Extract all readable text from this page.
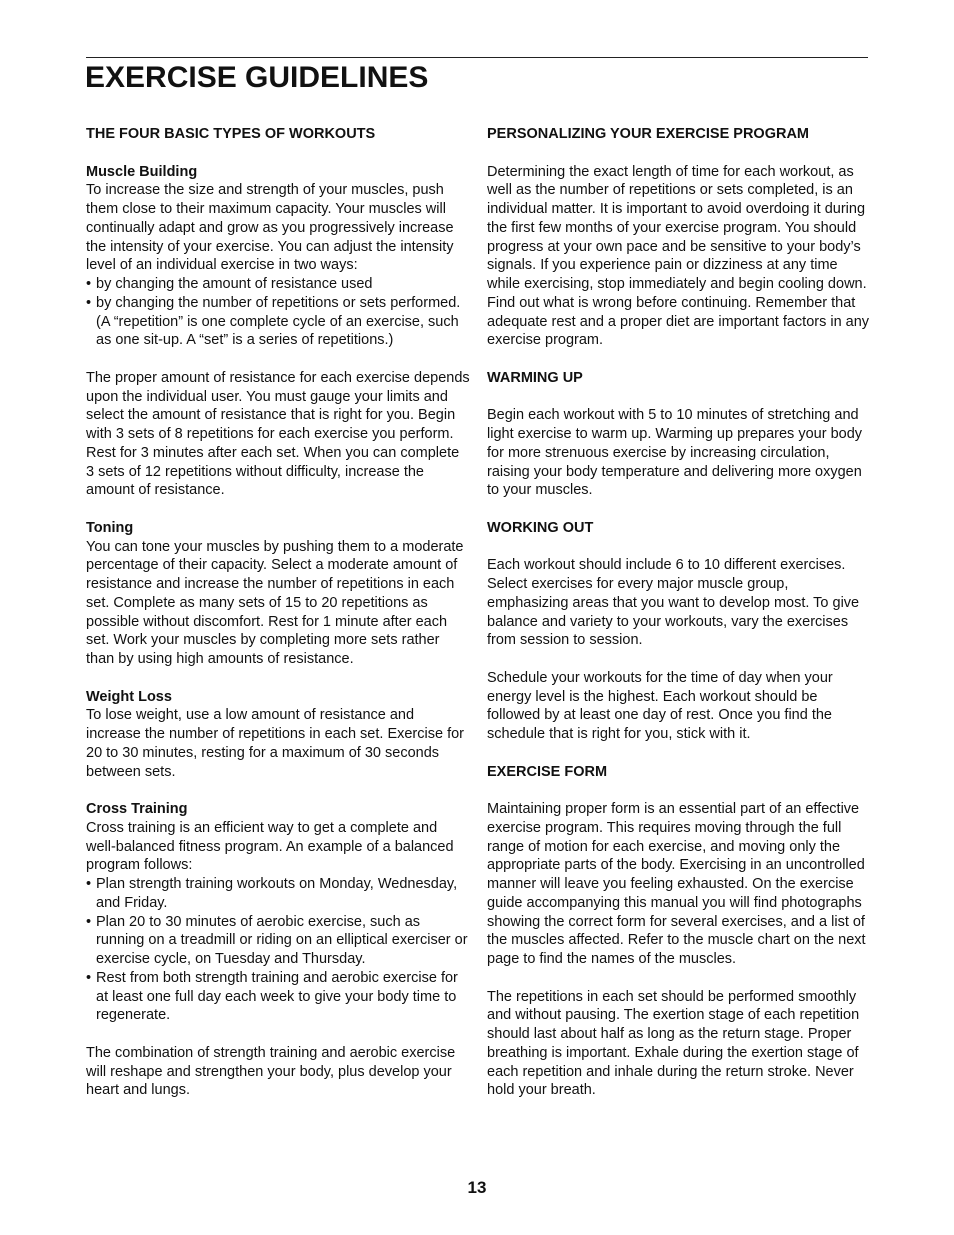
EXERCISE GUIDELINES

THE FOUR BASIC TYPES OF WORKOUTS

Muscle Building

To increase the size and strength of your muscles, push them close to their maximum capacity. Your muscles will continually adapt and grow as you progressively increase the intensity of your exercise. You can adjust the intensity level of an individual exercise in two ways:

• by changing the amount of resistance used
• by changing the number of repetitions or sets performed. (A “repetition” is one complete cycle of an exercise, such as one sit-up. A “set” is a series of repetitions.)

The proper amount of resistance for each exercise depends upon the individual user. You must gauge your limits and select the amount of resistance that is right for you. Begin with 3 sets of 8 repetitions for each exercise you perform. Rest for 3 minutes after each set. When you can complete 3 sets of 12 repetitions without difficulty, increase the amount of resistance.

Toning

You can tone your muscles by pushing them to a moderate percentage of their capacity. Select a moderate amount of resistance and increase the number of repetitions in each set. Complete as many sets of 15 to 20 repetitions as possible without discomfort. Rest for 1 minute after each set. Work your muscles by completing more sets rather than by using high amounts of resistance.

Weight Loss

To lose weight, use a low amount of resistance and increase the number of repetitions in each set. Exercise for 20 to 30 minutes, resting for a maximum of 30 seconds between sets.

Cross Training

Cross training is an efficient way to get a complete and well-balanced fitness program. An example of a balanced program follows:

• Plan strength training workouts on Monday, Wednesday, and Friday.
• Plan 20 to 30 minutes of aerobic exercise, such as running on a treadmill or riding on an elliptical exerciser or exercise cycle, on Tuesday and Thursday.
• Rest from both strength training and aerobic exercise for at least one full day each week to give your body time to regenerate.

The combination of strength training and aerobic exercise will reshape and strengthen your body, plus develop your heart and lungs.

PERSONALIZING YOUR EXERCISE PROGRAM

Determining the exact length of time for each workout, as well as the number of repetitions or sets completed, is an individual matter. It is important to avoid overdoing it during the first few months of your exercise program. You should progress at your own pace and be sensitive to your body’s signals. If you experience pain or dizziness at any time while exercising, stop immediately and begin cooling down. Find out what is wrong before continuing. Remember that adequate rest and a proper diet are important factors in any exercise program.

WARMING UP

Begin each workout with 5 to 10 minutes of stretching and light exercise to warm up. Warming up prepares your body for more strenuous exercise by increasing circulation, raising your body temperature and delivering more oxygen to your muscles.

WORKING OUT

Each workout should include 6 to 10 different exercises. Select exercises for every major muscle group, emphasizing areas that you want to develop most. To give balance and variety to your workouts, vary the exercises from session to session.

Schedule your workouts for the time of day when your energy level is the highest. Each workout should be followed by at least one day of rest. Once you find the schedule that is right for you, stick with it.

EXERCISE FORM

Maintaining proper form is an essential part of an effective exercise program. This requires moving through the full range of motion for each exercise, and moving only the appropriate parts of the body. Exercising in an uncontrolled manner will leave you feeling exhausted. On the exercise guide accompanying this manual you will find photographs showing the correct form for several exercises, and a list of the muscles affected. Refer to the muscle chart on the next page to find the names of the muscles.

The repetitions in each set should be performed smoothly and without pausing. The exertion stage of each repetition should last about half as long as the return stage. Proper breathing is important. Exhale during the exertion stage of each repetition and inhale during the return stroke. Never hold your breath.

13
